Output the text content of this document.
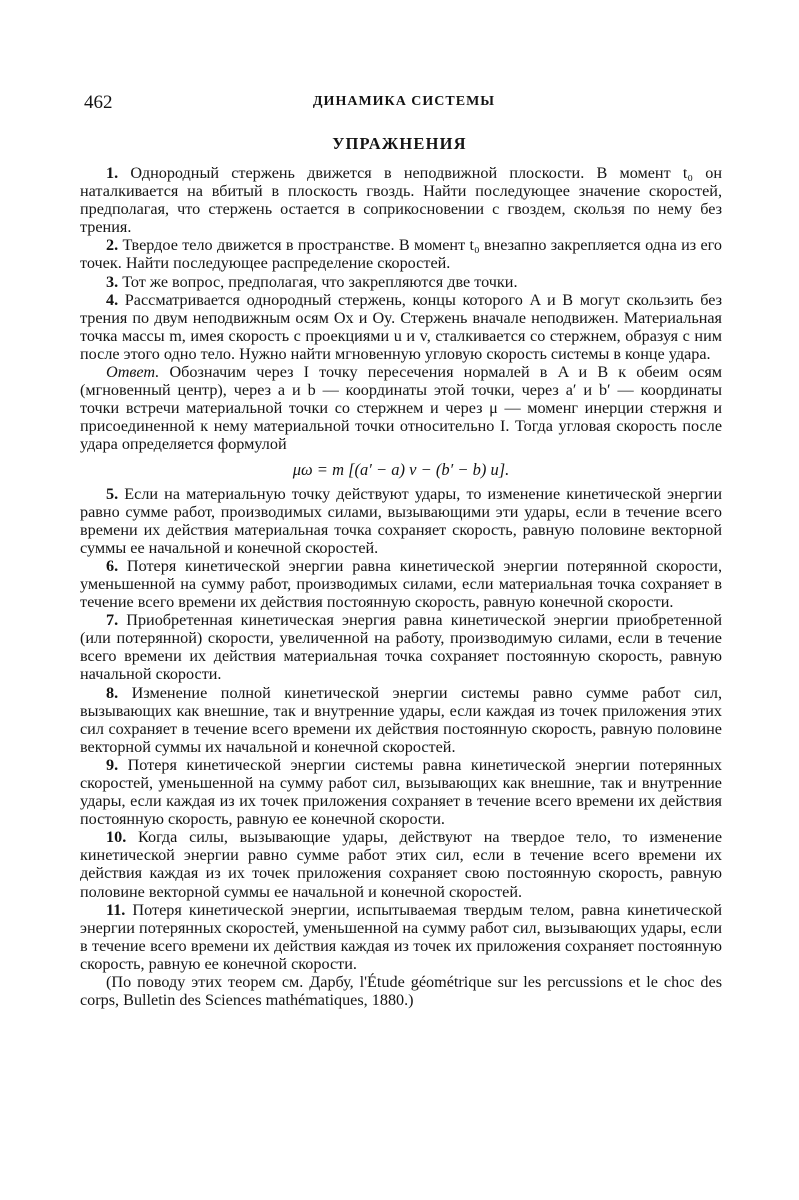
462	ДИНАМИКА СИСТЕМЫ
УПРАЖНЕНИЯ

1. Однородный стержень движется в неподвижной плоскости. В момент t₀ он наталкивается на вбитый в плоскость гвоздь. Найти последующее значение скоростей, предполагая, что стержень остается в соприкосновении с гвоздем, скользя по нему без трения.

2. Твердое тело движется в пространстве. В момент t₀ внезапно закрепляется одна из его точек. Найти последующее распределение скоростей.

3. Тот же вопрос, предполагая, что закрепляются две точки.

4. Рассматривается однородный стержень, концы которого A и B могут скользить без трения по двум неподвижным осям Ox и Oy. Стержень вначале неподвижен. Материальная точка массы m, имея скорость с проекциями u и v, сталкивается со стержнем, образуя с ним после этого одно тело. Нужно найти мгновенную угловую скорость системы в конце удара.

Ответ. Обозначим через I точку пересечения нормалей в A и B к обеим осям (мгновенный центр), через a и b — координаты этой точки, через a′ и b′ — координаты точки встречи материальной точки со стержнем и через μ — моменг инерции стержня и присоединенной к нему материальной точки относительно I. Тогда угловая скорость после удара определяется формулой

μω = m [(a′ − a) v − (b′ − b) u].

5. Если на материальную точку действуют удары, то изменение кинетической энергии равно сумме работ, производимых силами, вызывающими эти удары, если в течение всего времени их действия материальная точка сохраняет скорость, равную половине векторной суммы ее начальной и конечной скоростей.

6. Потеря кинетической энергии равна кинетической энергии потерянной скорости, уменьшенной на сумму работ, производимых силами, если материальная точка сохраняет в течение всего времени их действия постоянную скорость, равную конечной скорости.

7. Приобретенная кинетическая энергия равна кинетической энергии приобретенной (или потерянной) скорости, увеличенной на работу, производимую силами, если в течение всего времени их действия материальная точка сохраняет постоянную скорость, равную начальной скорости.

8. Изменение полной кинетической энергии системы равно сумме работ сил, вызывающих как внешние, так и внутренние удары, если каждая из точек приложения этих сил сохраняет в течение всего времени их действия постоянную скорость, равную половине векторной суммы их начальной и конечной скоростей.

9. Потеря кинетической энергии системы равна кинетической энергии потерянных скоростей, уменьшенной на сумму работ сил, вызывающих как внешние, так и внутренние удары, если каждая из их точек приложения сохраняет в течение всего времени их действия постоянную скорость, равную ее конечной скорости.

10. Когда силы, вызывающие удары, действуют на твердое тело, то изменение кинетической энергии равно сумме работ этих сил, если в течение всего времени их действия каждая из их точек приложения сохраняет свою постоянную скорость, равную половине векторной суммы ее начальной и конечной скоростей.

11. Потеря кинетической энергии, испытываемая твердым телом, равна кинетической энергии потерянных скоростей, уменьшенной на сумму работ сил, вызывающих удары, если в течение всего времени их действия каждая из точек их приложения сохраняет постоянную скорость, равную ее конечной скорости.

(По поводу этих теорем см. Дарбу, l'Étude géométrique sur les percussions et le choc des corps, Bulletin des Sciences mathématiques, 1880.)
